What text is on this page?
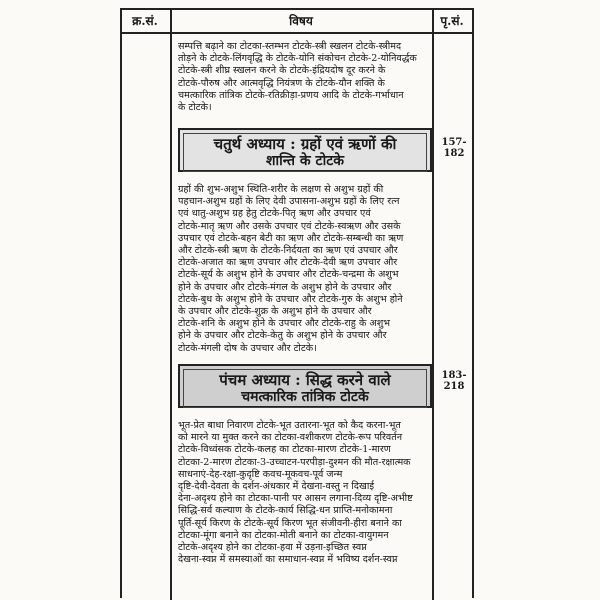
क्र.सं.	विषय	पृ.सं.

सम्पत्ति बढ़ाने का टोटका-स्तम्भन टोटके-स्त्री स्खलन टोटके-स्त्रीमद

तोड़ने के टोटके-लिंगवृद्धि के टोटके-योनि संकोचन टोटके-2-योनिवर्द्धक

टोटके-स्त्री शीघ्र स्खलन करने के टोटके-इंद्रियदोष दूर करने के

टोटके-पौरुष और आत्मवृद्धि नियंत्रण के टोटके-यौन शक्ति के

चमत्कारिक तांत्रिक टोटके-रतिक्रीड़ा-प्रणय आदि के टोटके-गर्भाधान

के टोटके।

चतुर्थ अध्याय : ग्रहों एवं ऋणों की
शान्ति के टोटके
157-182

ग्रहों की शुभ-अशुभ स्थिति-शरीर के लक्षण से अशुभ ग्रहों की

पहचान-अशुभ ग्रहों के लिए देवी उपासना-अशुभ ग्रहों के लिए रत्न

एवं धातु-अशुभ ग्रह हेतु टोटके-पितृ ऋण और उपचार एवं

टोटके-मातृ ऋण और उसके उपचार एवं टोटके-स्वऋण और उसके

उपचार एवं टोटके-बहन बेटी का ऋण और टोटके-सम्बन्धी का ऋण

और टोटके-स्त्री ऋण के टोटके-निर्दयता का ऋण एवं उपचार और

टोटके-अजात का ऋण उपचार और टोटके-देवी ऋण उपचार और

टोटके-सूर्य के अशुभ होने के उपचार और टोटके-चन्द्रमा के अशुभ

होने के उपचार और टोटके-मंगल के अशुभ होने के उपचार और

टोटके-बुध के अशुभ होने के उपचार और टोटके-गुरु के अशुभ होने

के उपचार और टोटके-शुक्र के अशुभ होने के उपचार और

टोटके-शनि के अशुभ होने के उपचार और टोटके-राहु के अशुभ

होने के उपचार और टोटके-केतु के अशुभ होने के उपचार और

टोटके-मंगली दोष के उपचार और टोटके।

पंचम अध्याय : सिद्ध करने वाले
चमत्कारिक तांत्रिक टोटके
183-218

भूत-प्रेत बाधा निवारण टोटके-भूत उतारना-भूत को कैद करना-भूत

को मारने या मुक्त करने का टोटका-वशीकरण टोटके-रूप परिवर्तन

टोटके-विध्वंसक टोटके-कलह का टोटका-मारण टोटके-1-मारण

टोटका-2-मारण टोटका-3-उच्चाटन-परपीड़ा-दुश्मन की मौत-रक्षात्मक

साधनाएं-देह-रक्षा-कुदृष्टि कवच-मूकवच-पूर्व जन्म

दृष्टि-देवी-देवता के दर्शन-अंधकार में देखना-वस्तु न दिखाई

देना-अदृश्य होने का टोटका-पानी पर आसन लगाना-दिव्य दृष्टि-अभीष्ट

सिद्धि-सर्व कल्याण के टोटके-कार्य सिद्धि-धन प्राप्ति-मनोकामना

पूर्ति-सूर्य किरण के टोटके-सूर्य किरण भूत संजीवनी-हीरा बनाने का

टोटका-मूंगा बनाने का टोटका-मोती बनाने का टोटका-वायुगमन

टोटके-अदृश्य होने का टोटका-हवा में उड़ना-इच्छित स्वप्न

देखना-स्वप्न में समस्याओं का समाधान-स्वप्न में भविष्य दर्शन-स्वप्न
